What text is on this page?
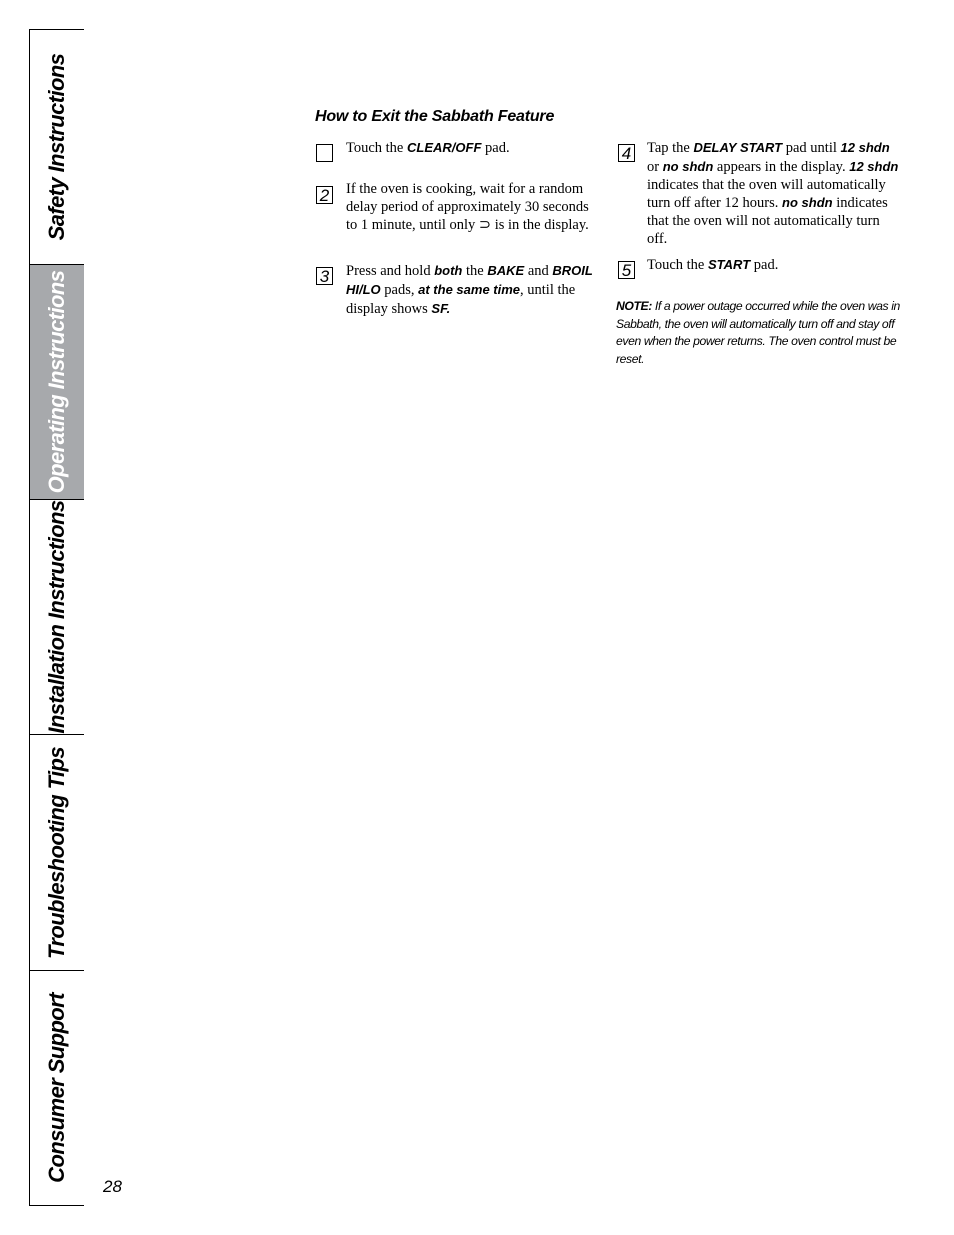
Safety Instructions
Operating Instructions
Installation Instructions
Troubleshooting Tips
Consumer Support
How to Exit the Sabbath Feature

Touch the CLEAR/OFF pad.

2 If the oven is cooking, wait for a random delay period of approximately 30 seconds to 1 minute, until only ⊃ is in the display.

3 Press and hold both the BAKE and BROIL HI/LO pads, at the same time, until the display shows SF.

4 Tap the DELAY START pad until 12 shdn or no shdn appears in the display. 12 shdn indicates that the oven will automatically turn off after 12 hours. no shdn indicates that the oven will not automatically turn off.

5 Touch the START pad.

NOTE: If a power outage occurred while the oven was in Sabbath, the oven will automatically turn off and stay off even when the power returns. The oven control must be reset.

28
